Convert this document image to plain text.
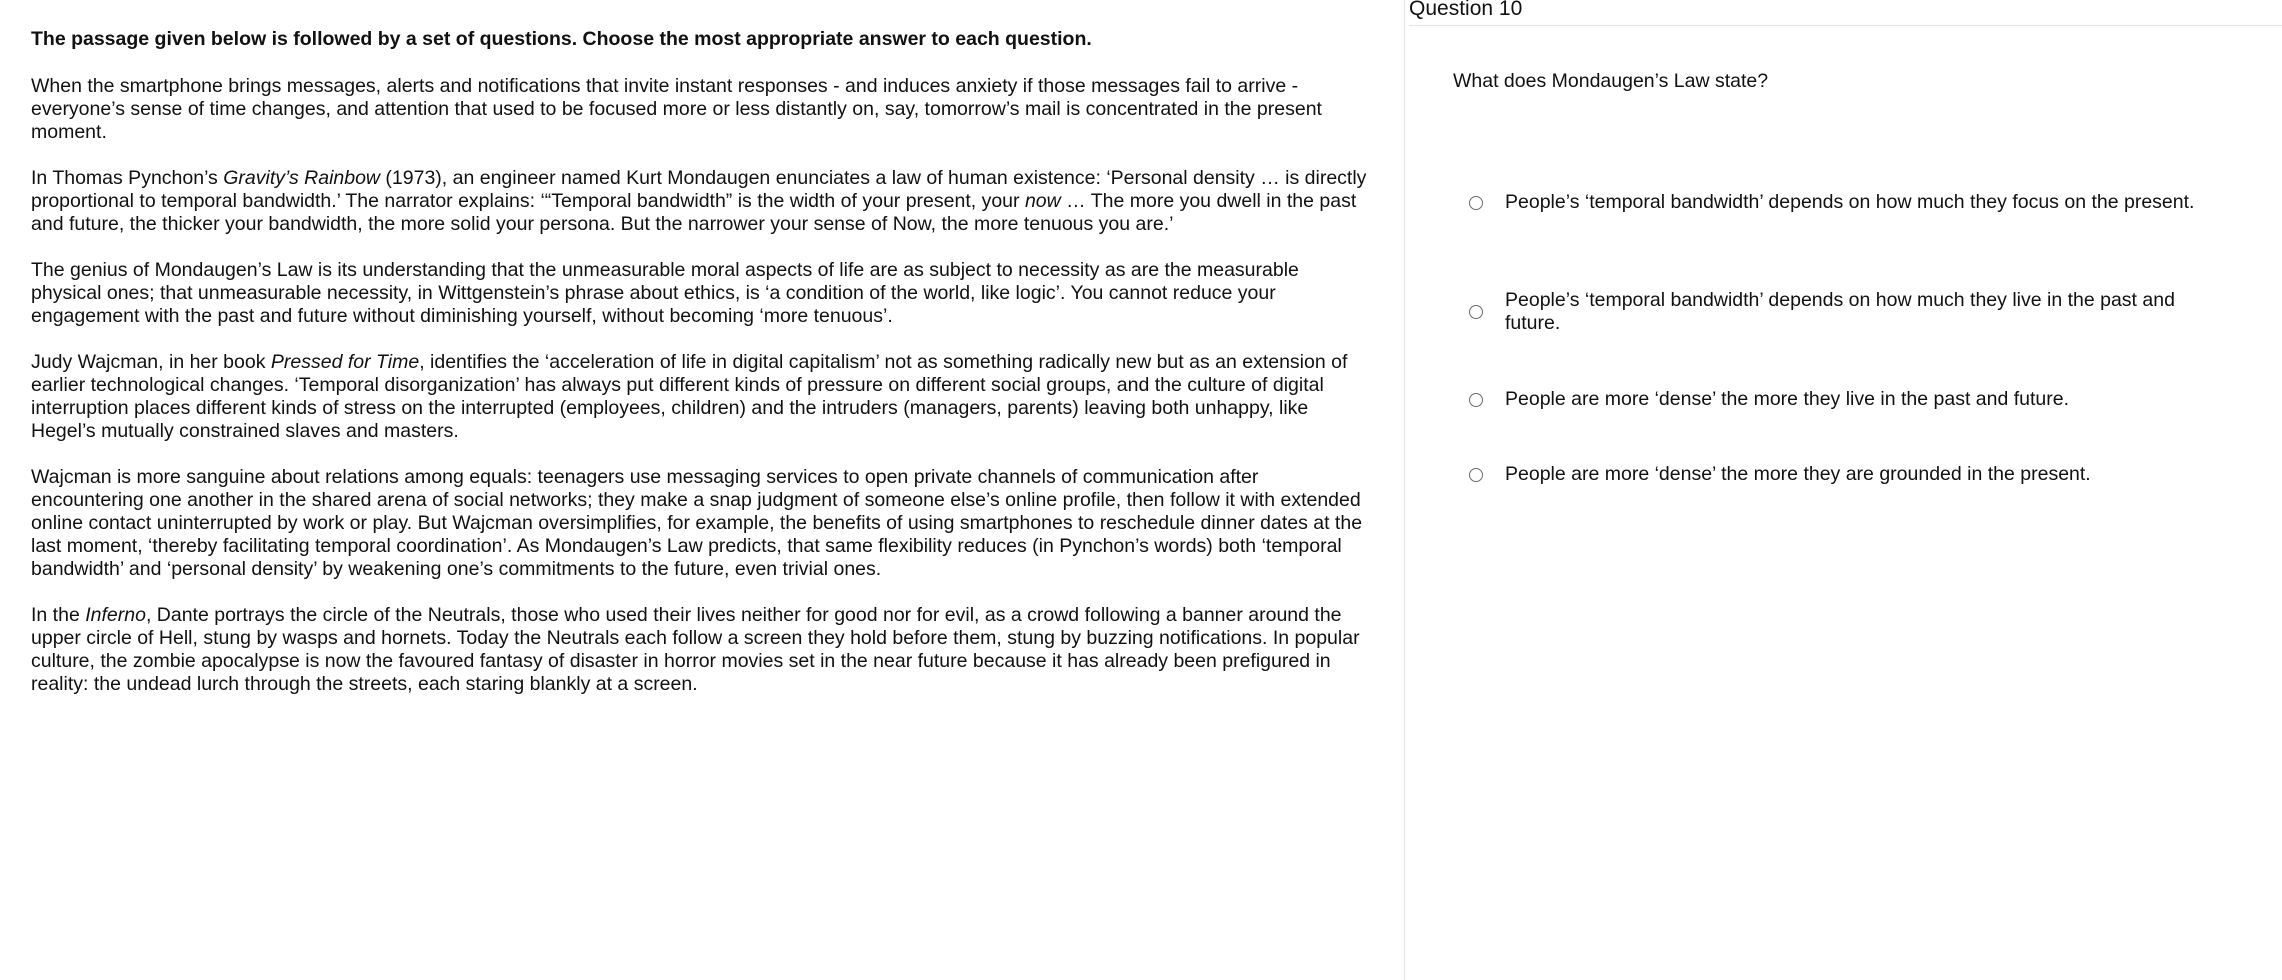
The passage given below is followed by a set of questions. Choose the most appropriate answer to each question.

When the smartphone brings messages, alerts and notifications that invite instant responses - and induces anxiety if those messages fail to arrive - everyone’s sense of time changes, and attention that used to be focused more or less distantly on, say, tomorrow’s mail is concentrated in the present moment.

In Thomas Pynchon’s Gravity’s Rainbow (1973), an engineer named Kurt Mondaugen enunciates a law of human existence: ‘Personal density … is directly proportional to temporal bandwidth.’ The narrator explains: ‘“Temporal bandwidth” is the width of your present, your now … The more you dwell in the past and future, the thicker your bandwidth, the more solid your persona. But the narrower your sense of Now, the more tenuous you are.’

The genius of Mondaugen’s Law is its understanding that the unmeasurable moral aspects of life are as subject to necessity as are the measurable physical ones; that unmeasurable necessity, in Wittgenstein’s phrase about ethics, is ‘a condition of the world, like logic’. You cannot reduce your engagement with the past and future without diminishing yourself, without becoming ‘more tenuous’.

Judy Wajcman, in her book Pressed for Time, identifies the ‘acceleration of life in digital capitalism’ not as something radically new but as an extension of earlier technological changes. ‘Temporal disorganization’ has always put different kinds of pressure on different social groups, and the culture of digital interruption places different kinds of stress on the interrupted (employees, children) and the intruders (managers, parents) leaving both unhappy, like Hegel’s mutually constrained slaves and masters.

Wajcman is more sanguine about relations among equals: teenagers use messaging services to open private channels of communication after encountering one another in the shared arena of social networks; they make a snap judgment of someone else’s online profile, then follow it with extended online contact uninterrupted by work or play. But Wajcman oversimplifies, for example, the benefits of using smartphones to reschedule dinner dates at the last moment, ‘thereby facilitating temporal coordination’. As Mondaugen’s Law predicts, that same flexibility reduces (in Pynchon’s words) both ‘temporal bandwidth’ and ‘personal density’ by weakening one’s commitments to the future, even trivial ones.

In the Inferno, Dante portrays the circle of the Neutrals, those who used their lives neither for good nor for evil, as a crowd following a banner around the upper circle of Hell, stung by wasps and hornets. Today the Neutrals each follow a screen they hold before them, stung by buzzing notifications. In popular culture, the zombie apocalypse is now the favoured fantasy of disaster in horror movies set in the near future because it has already been prefigured in reality: the undead lurch through the streets, each staring blankly at a screen.

Question 10
What does Mondaugen’s Law state?
People’s ‘temporal bandwidth’ depends on how much they focus on the present.
People’s ‘temporal bandwidth’ depends on how much they live in the past and future.
People are more ‘dense’ the more they live in the past and future.
People are more ‘dense’ the more they are grounded in the present.
